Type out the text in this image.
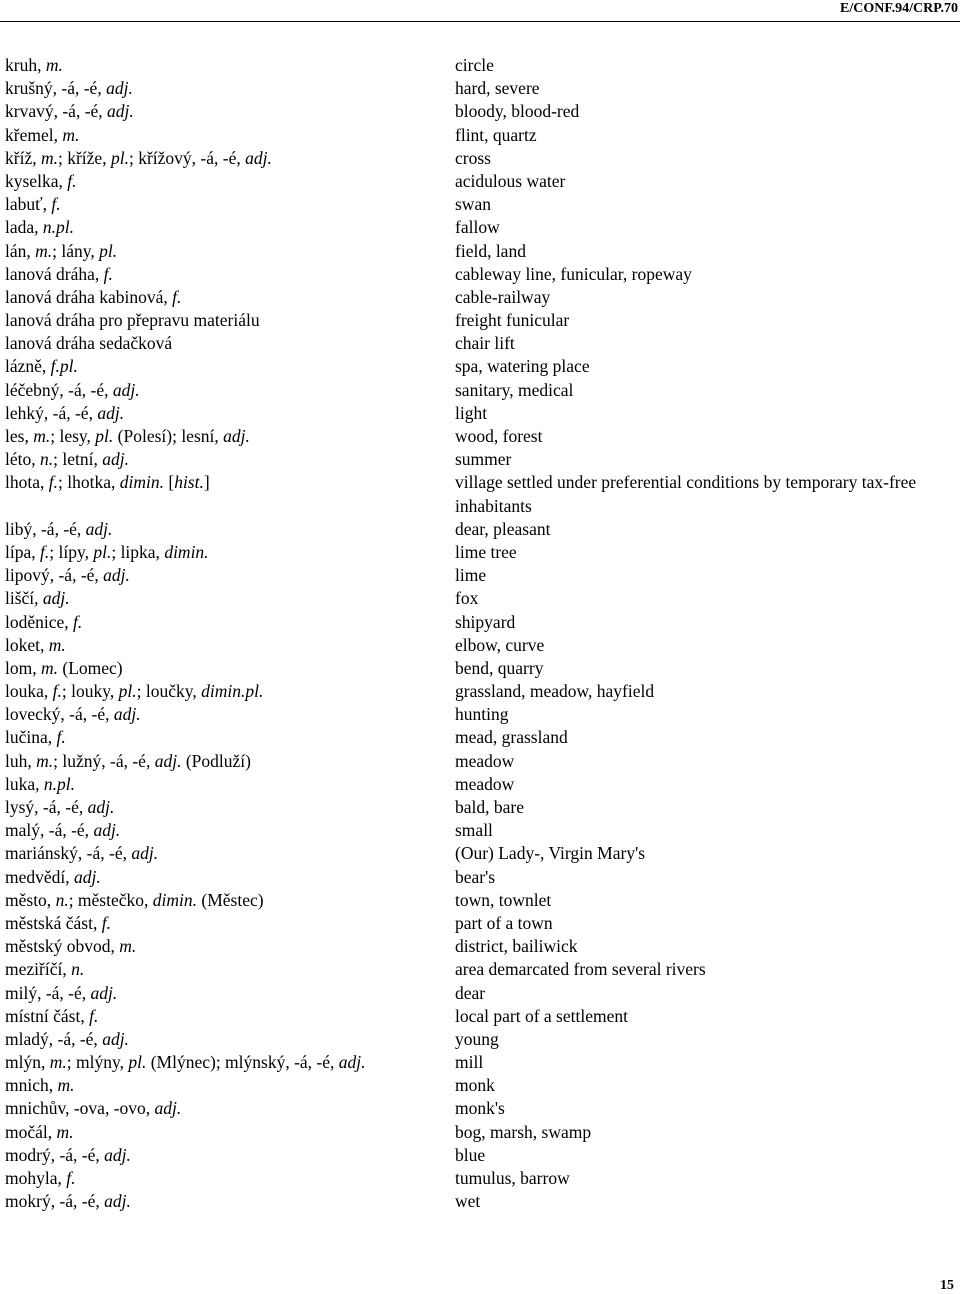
E/CONF.94/CRP.70
kruh, m.	circle
krušný, -á, -é, adj.	hard, severe
krvavý, -á, -é, adj.	bloody, blood-red
křemel, m.	flint, quartz
kříž, m.; kříže, pl.; křížový, -á, -é, adj.	cross
kyselka, f.	acidulous water
labuť, f.	swan
lada, n.pl.	fallow
lán, m.; lány, pl.	field, land
lanová dráha, f.	cableway line, funicular, ropeway
lanová dráha kabinová, f.	cable-railway
lanová dráha pro přepravu materiálu	freight funicular
lanová dráha sedačková	chair lift
lázně, f.pl.	spa, watering place
léčebný, -á, -é, adj.	sanitary, medical
lehký, -á, -é, adj.	light
les, m.; lesy, pl. (Polesí); lesní, adj.	wood, forest
léto, n.; letní, adj.	summer
lhota, f.; lhotka, dimin. [hist.]	village settled under preferential conditions by temporary tax-free inhabitants
libý, -á, -é, adj.	dear, pleasant
lípa, f.; lípy, pl.; lipka, dimin.	lime tree
lipový, -á, -é, adj.	lime
liščí, adj.	fox
loděnice, f.	shipyard
loket, m.	elbow, curve
lom, m. (Lomec)	bend, quarry
louka, f.; louky, pl.; loučky, dimin.pl.	grassland, meadow, hayfield
lovecký, -á, -é, adj.	hunting
lučina, f.	mead, grassland
luh, m.; lužný, -á, -é, adj. (Podluží)	meadow
luka, n.pl.	meadow
lysý, -á, -é, adj.	bald, bare
malý, -á, -é, adj.	small
mariánský, -á, -é, adj.	(Our) Lady-, Virgin Mary's
medvědí, adj.	bear's
město, n.; městečko, dimin. (Městec)	town, townlet
městská část, f.	part of a town
městský obvod, m.	district, bailiwick
meziříčí, n.	area demarcated from several rivers
milý, -á, -é, adj.	dear
místní část, f.	local part of a settlement
mladý, -á, -é, adj.	young
mlýn, m.; mlýny, pl. (Mlýnec); mlýnský, -á, -é, adj.	mill
mnich, m.	monk
mnichův, -ova, -ovo, adj.	monk's
močál, m.	bog, marsh, swamp
modrý, -á, -é, adj.	blue
mohyla, f.	tumulus, barrow
mokrý, -á, -é, adj.	wet
15
